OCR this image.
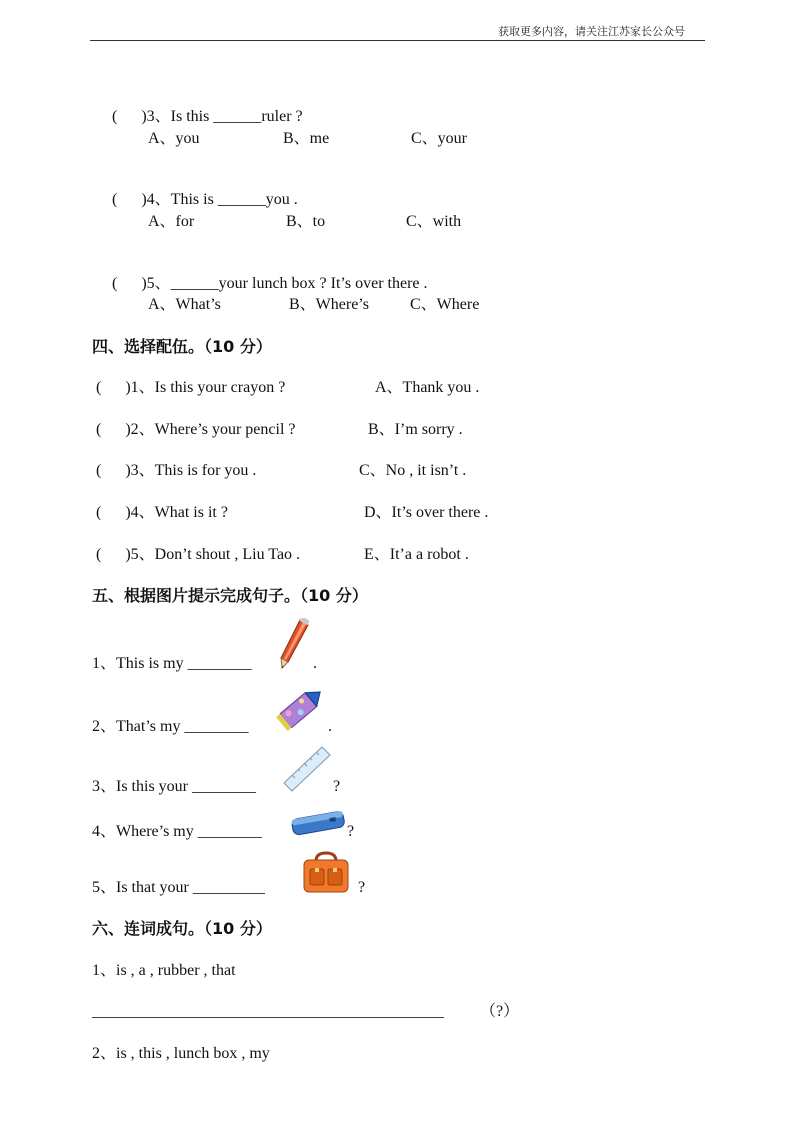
获取更多内容，请关注江苏家长公众号

(      )3、Is this ______ruler ?

A、you	B、me	C、your

(      )4、This is ______you .

A、for	B、to	C、with

(      )5、______your lunch box ? It’s over there .

A、What’s	B、Where’s	C、Where
四、选择配伍。（10 分）
(      )1、Is this your crayon ?	A、Thank you .
(      )2、Where’s your pencil ?	B、I’m sorry .
(      )3、This is for you .	C、No , it isn’t .
(      )4、What is it ?	D、It’s over there .
(      )5、Don’t shout , Liu Tao .	E、It’a a robot .
五、根据图片提示完成句子。（10 分）
1、This is my ________	.
2、That’s my ________	.
3、Is this your ________	?
4、Where’s my ________	?
5、Is that your _________	?
六、连词成句。（10 分）
1、is , a , rubber , that
____________________________________________ （?）
2、is , this , lunch box , my
